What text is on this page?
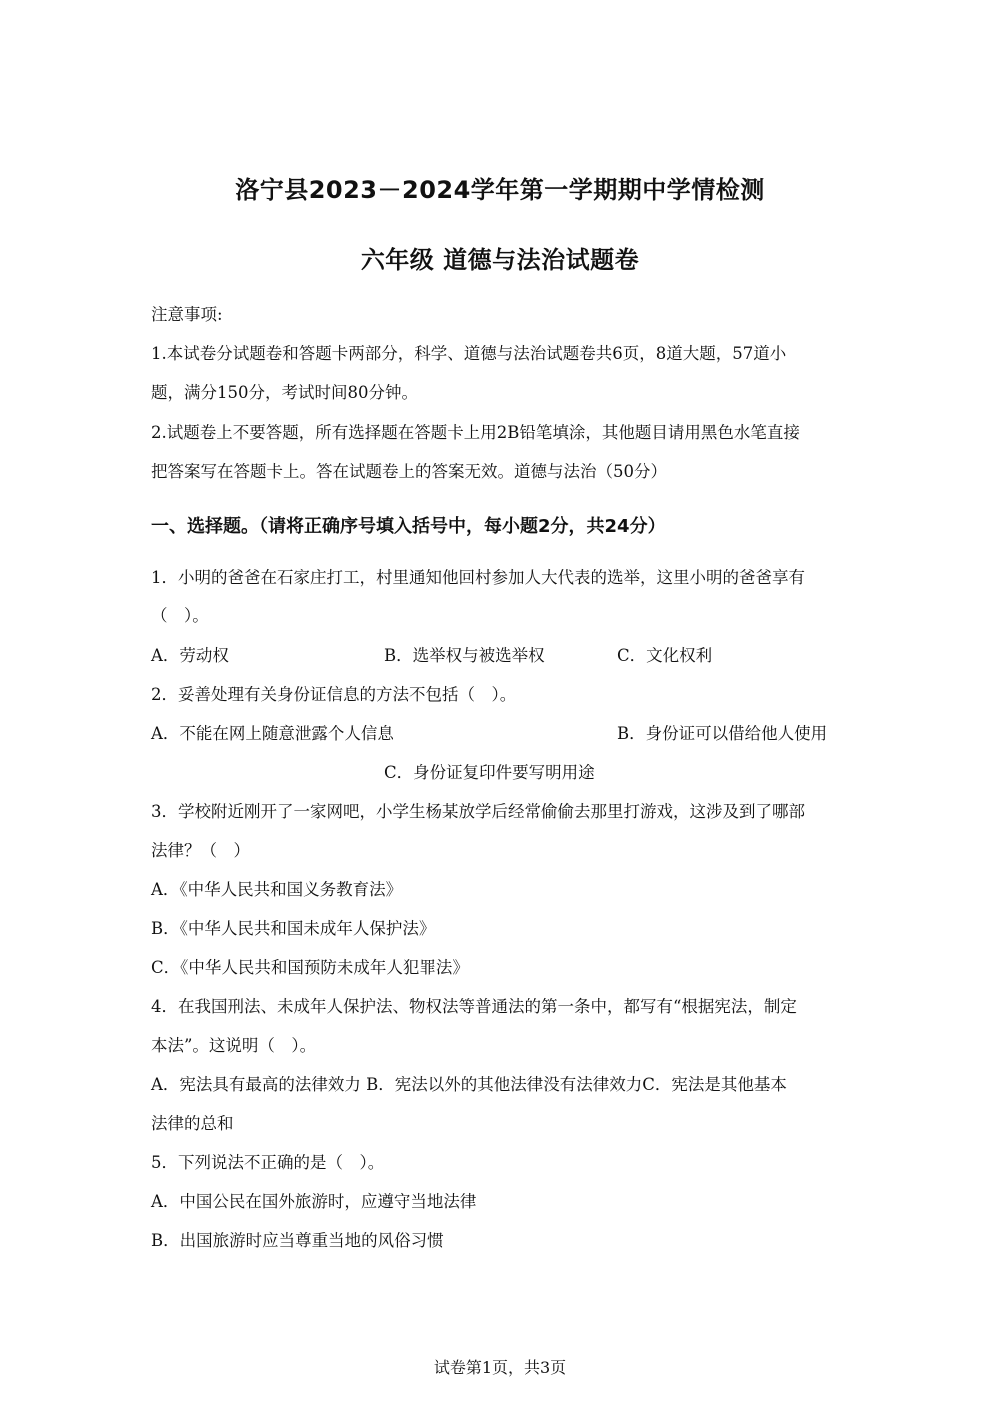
洛宁县2023－2024学年第一学期期中学情检测
六年级 道德与法治试题卷
注意事项:
1.本试卷分试题卷和答题卡两部分，科学、道德与法治试题卷共6页，8道大题，57道小
题，满分150分，考试时间80分钟。
2.试题卷上不要答题，所有选择题在答题卡上用2B铅笔填涂，其他题目请用黑色水笔直接
把答案写在答题卡上。答在试题卷上的答案无效。道德与法治（50分）
一、选择题。（请将正确序号填入括号中，每小题2分，共24分）
1．小明的爸爸在石家庄打工，村里通知他回村参加人大代表的选举，这里小明的爸爸享有
（　）。
A．劳动权	B．选举权与被选举权	C．文化权利
2．妥善处理有关身份证信息的方法不包括（　）。
A．不能在网上随意泄露个人信息	B．身份证可以借给他人使用
C．身份证复印件要写明用途
3．学校附近刚开了一家网吧，小学生杨某放学后经常偷偷去那里打游戏，这涉及到了哪部
法律？（　）
A．《中华人民共和国义务教育法》
B．《中华人民共和国未成年人保护法》
C．《中华人民共和国预防未成年人犯罪法》
4．在我国刑法、未成年人保护法、物权法等普通法的第一条中，都写有“根据宪法，制定
本法”。这说明（　）。
A．宪法具有最高的法律效力 B．宪法以外的其他法律没有法律效力C．宪法是其他基本
法律的总和
5．下列说法不正确的是（　）。
A．中国公民在国外旅游时，应遵守当地法律
B．出国旅游时应当尊重当地的风俗习惯
试卷第1页，共3页
